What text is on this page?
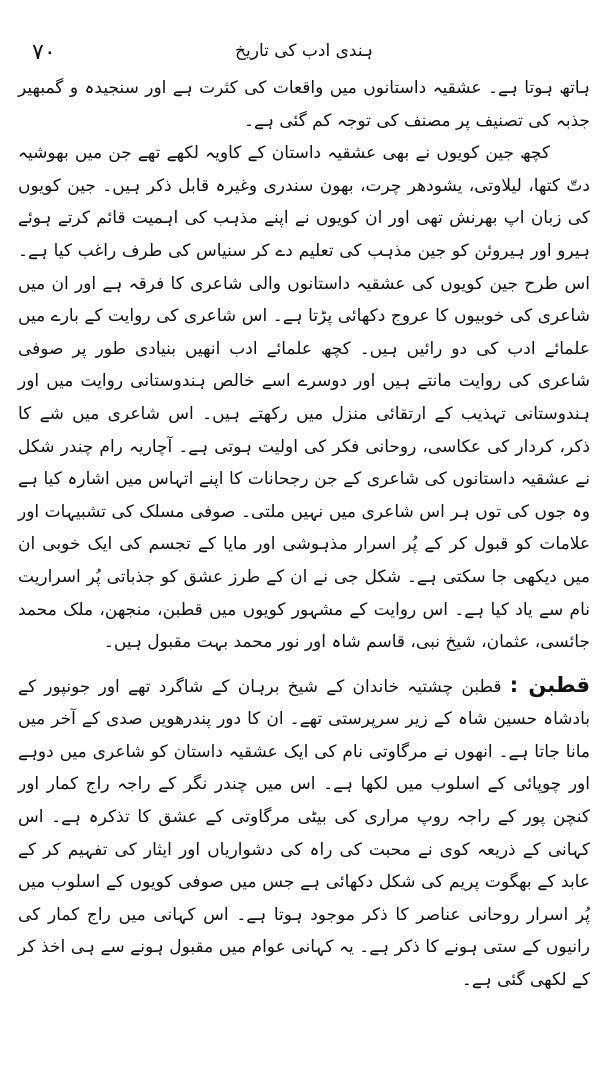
۷۰	ہندی ادب کی تاریخ

ہاتھ ہوتا ہے۔ عشقیہ داستانوں میں واقعات کی کثرت ہے اور سنجیدہ و گمبھیر جذبہ کی تصنیف پر مصنف کی توجہ کم گئی ہے۔

کچھ جین کویوں نے بھی عشقیہ داستان کے کاویہ لکھے تھے جن میں بھوشیہ دتّ کتھا، لیلاوتی، یشودھر چرت، بھون سندری وغیرہ قابل ذکر ہیں۔ جین کویوں کی زبان اپ بھرنش تھی اور ان کویوں نے اپنے مذہب کی اہمیت قائم کرتے ہوئے ہیرو اور ہیروئن کو جین مذہب کی تعلیم دے کر سنیاس کی طرف راغب کیا ہے۔ اس طرح جین کویوں کی عشقیہ داستانوں والی شاعری کا فرقہ ہے اور ان میں شاعری کی خوبیوں کا عروج دکھائی پڑتا ہے۔ اس شاعری کی روایت کے بارے میں علمائے ادب کی دو رائیں ہیں۔ کچھ علمائے ادب انھیں بنیادی طور پر صوفی شاعری کی روایت مانتے ہیں اور دوسرے اسے خالص ہندوستانی روایت میں اور ہندوستانی تہذیب کے ارتقائی منزل میں رکھتے ہیں۔ اس شاعری میں شے کا ذکر، کردار کی عکاسی، روحانی فکر کی اولیت ہوتی ہے۔ آچاریہ رام چندر شکل نے عشقیہ داستانوں کی شاعری کے جن رجحانات کا اپنے اتہاس میں اشارہ کیا ہے وہ جوں کی توں ہر اس شاعری میں نہیں ملتی۔ صوفی مسلک کی تشبیہات اور علامات کو قبول کر کے پُر اسرار مذہوشی اور مایا کے تجسم کی ایک خوبی ان میں دیکھی جا سکتی ہے۔ شکل جی نے ان کے طرز عشق کو جذباتی پُر اسراریت نام سے یاد کیا ہے۔ اس روایت کے مشہور کویوں میں قطبن، منجھن، ملک محمد جائسی، عثمان، شیخ نبی، قاسم شاہ اور نور محمد بہت مقبول ہیں۔

قطبن : قطبن چشتیہ خاندان کے شیخ برہان کے شاگرد تھے اور جونپور کے بادشاہ حسین شاہ کے زیر سرپرستی تھے۔ ان کا دور پندرھویں صدی کے آخر میں مانا جاتا ہے۔ انھوں نے مرگاوتی نام کی ایک عشقیہ داستان کو شاعری میں دوہے اور چوپائی کے اسلوب میں لکھا ہے۔ اس میں چندر نگر کے راجہ راج کمار اور کنچن پور کے راجہ روپ مراری کی بیٹی مرگاوتی کے عشق کا تذکرہ ہے۔ اس کہانی کے ذریعہ کوی نے محبت کی راہ کی دشواریاں اور ایثار کی تفہیم کر کے عابد کے بھگوت پریم کی شکل دکھائی ہے جس میں صوفی کویوں کے اسلوب میں پُر اسرار روحانی عناصر کا ذکر موجود ہوتا ہے۔ اس کہانی میں راج کمار کی رانیوں کے ستی ہونے کا ذکر ہے۔ یہ کہانی عوام میں مقبول ہونے سے ہی اخذ کر کے لکھی گئی ہے۔
